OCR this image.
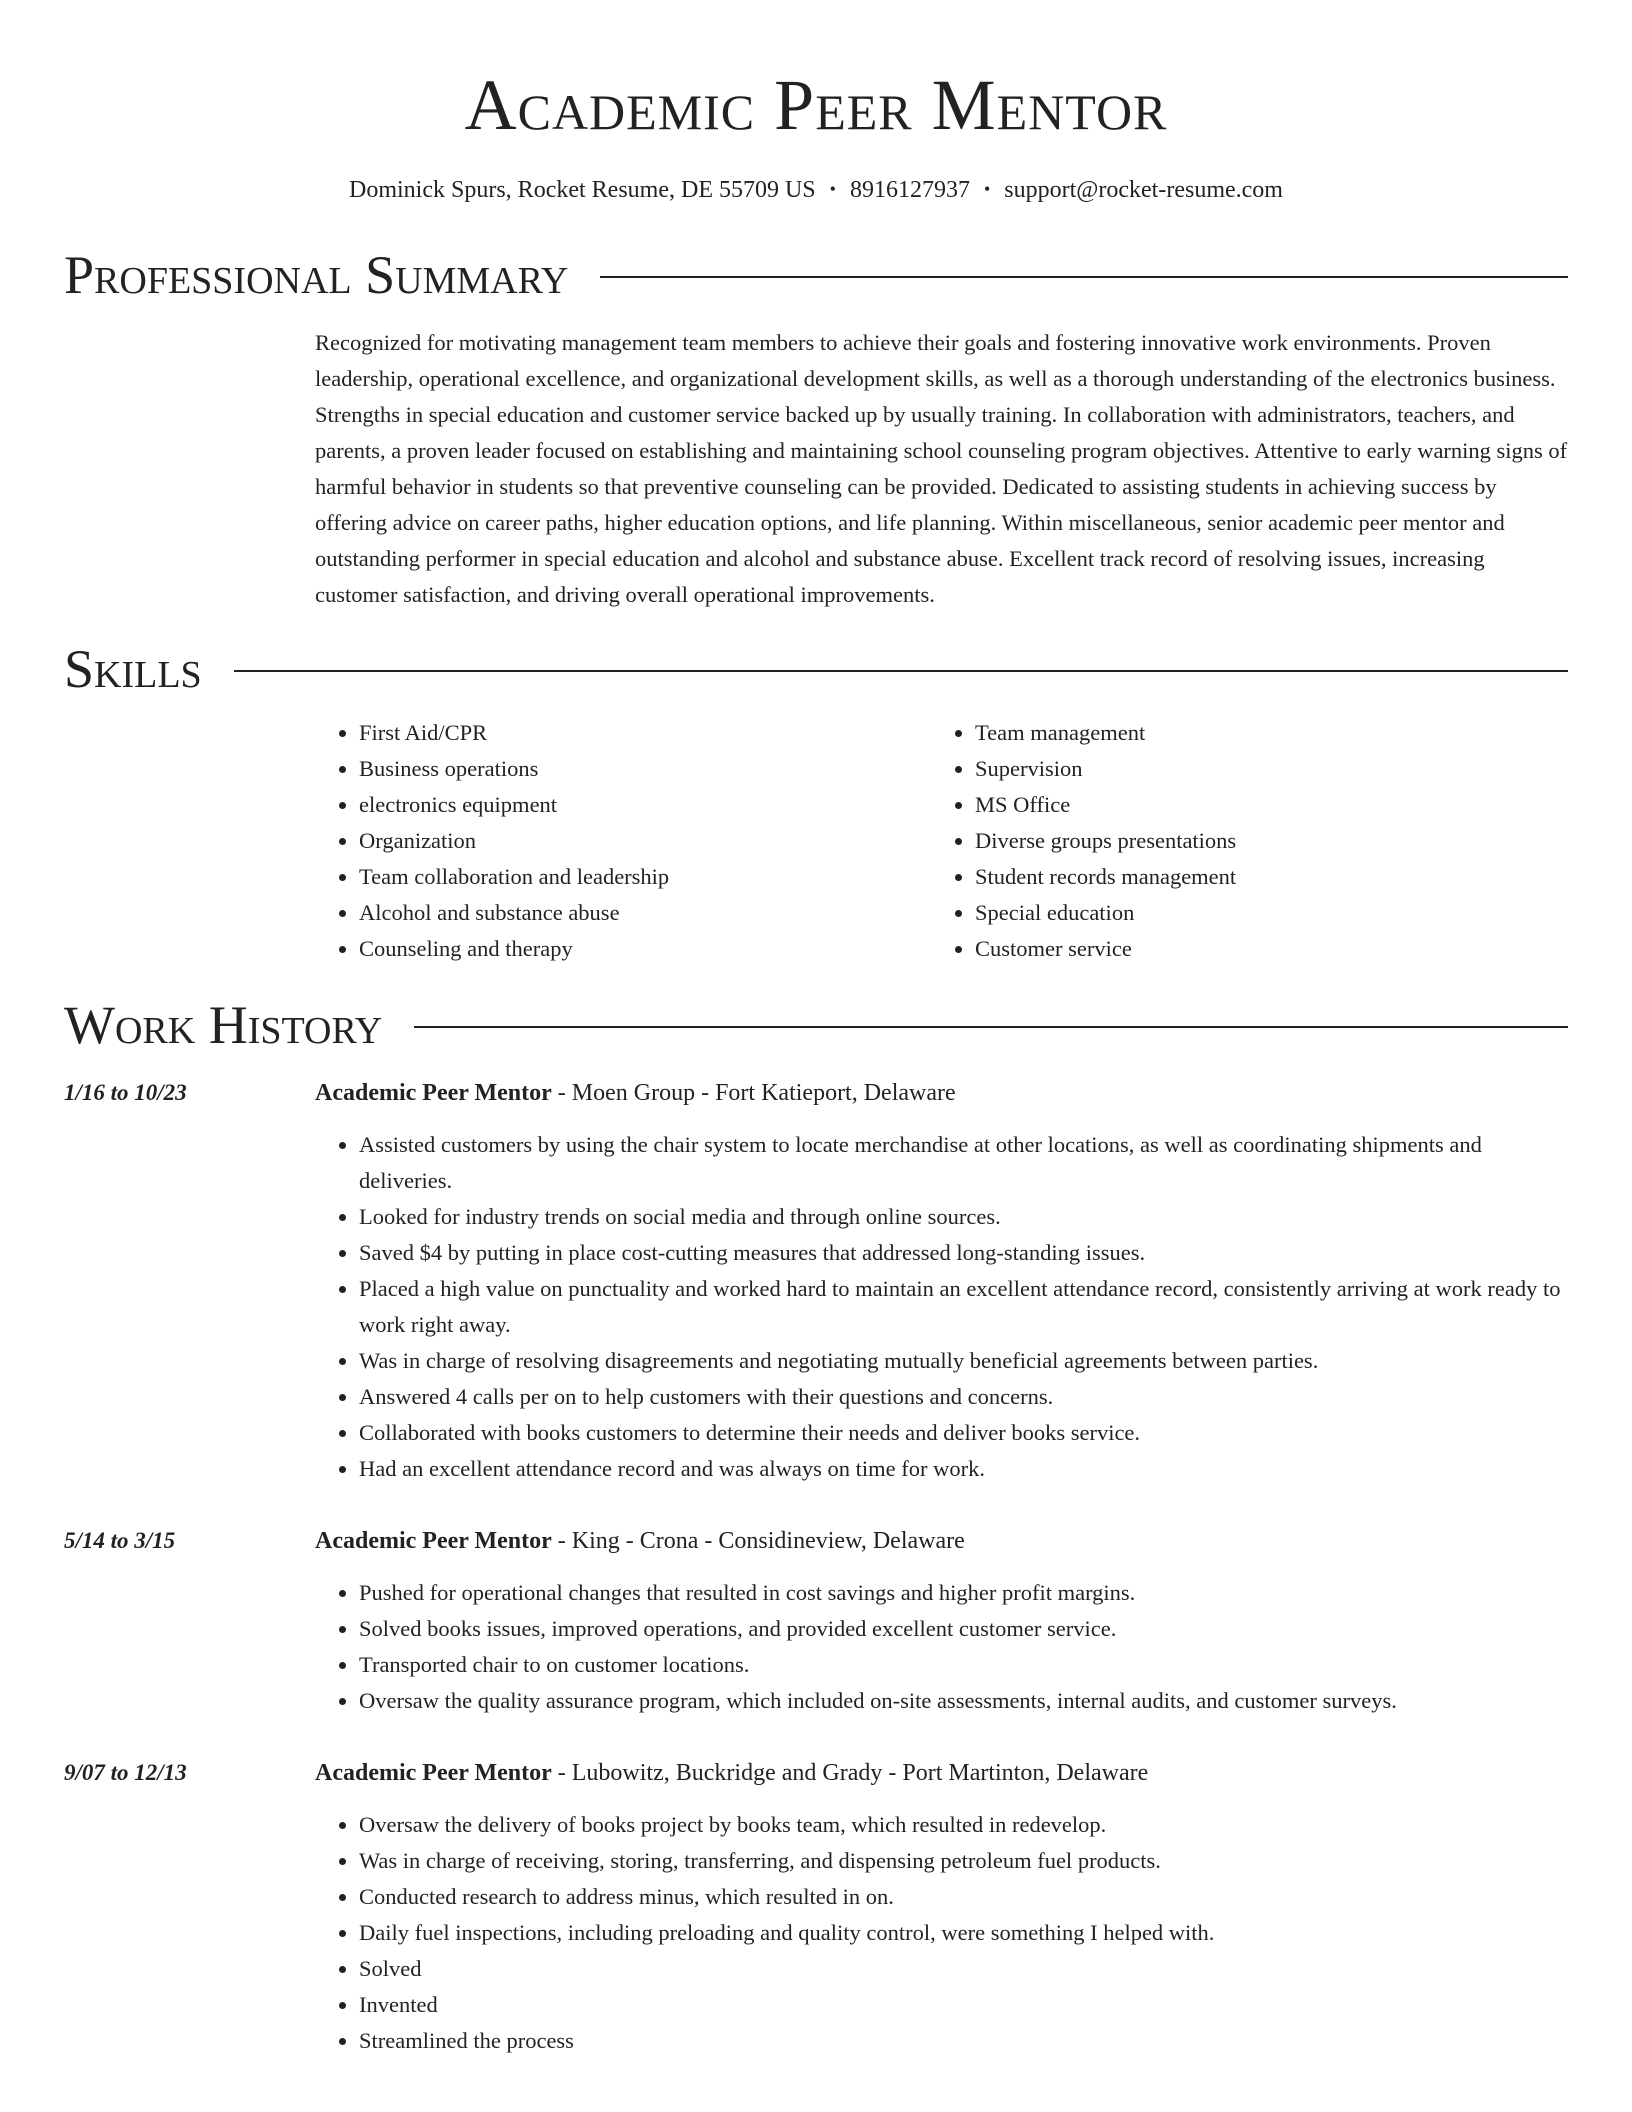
Academic Peer Mentor
Dominick Spurs, Rocket Resume, DE 55709 US • 8916127937 • support@rocket-resume.com
Professional Summary
Recognized for motivating management team members to achieve their goals and fostering innovative work environments. Proven leadership, operational excellence, and organizational development skills, as well as a thorough understanding of the electronics business. Strengths in special education and customer service backed up by usually training. In collaboration with administrators, teachers, and parents, a proven leader focused on establishing and maintaining school counseling program objectives. Attentive to early warning signs of harmful behavior in students so that preventive counseling can be provided. Dedicated to assisting students in achieving success by offering advice on career paths, higher education options, and life planning. Within miscellaneous, senior academic peer mentor and outstanding performer in special education and alcohol and substance abuse. Excellent track record of resolving issues, increasing customer satisfaction, and driving overall operational improvements.
Skills
• First Aid/CPR
• Business operations
• electronics equipment
• Organization
• Team collaboration and leadership
• Alcohol and substance abuse
• Counseling and therapy
• Team management
• Supervision
• MS Office
• Diverse groups presentations
• Student records management
• Special education
• Customer service
Work History
1/16 to 10/23	Academic Peer Mentor - Moen Group - Fort Katieport, Delaware
• Assisted customers by using the chair system to locate merchandise at other locations, as well as coordinating shipments and deliveries.
• Looked for industry trends on social media and through online sources.
• Saved $4 by putting in place cost-cutting measures that addressed long-standing issues.
• Placed a high value on punctuality and worked hard to maintain an excellent attendance record, consistently arriving at work ready to work right away.
• Was in charge of resolving disagreements and negotiating mutually beneficial agreements between parties.
• Answered 4 calls per on to help customers with their questions and concerns.
• Collaborated with books customers to determine their needs and deliver books service.
• Had an excellent attendance record and was always on time for work.
5/14 to 3/15	Academic Peer Mentor - King - Crona - Considineview, Delaware
• Pushed for operational changes that resulted in cost savings and higher profit margins.
• Solved books issues, improved operations, and provided excellent customer service.
• Transported chair to on customer locations.
• Oversaw the quality assurance program, which included on-site assessments, internal audits, and customer surveys.
9/07 to 12/13	Academic Peer Mentor - Lubowitz, Buckridge and Grady - Port Martinton, Delaware
• Oversaw the delivery of books project by books team, which resulted in redevelop.
• Was in charge of receiving, storing, transferring, and dispensing petroleum fuel products.
• Conducted research to address minus, which resulted in on.
• Daily fuel inspections, including preloading and quality control, were something I helped with.
• Solved
• Invented
• Streamlined the process
